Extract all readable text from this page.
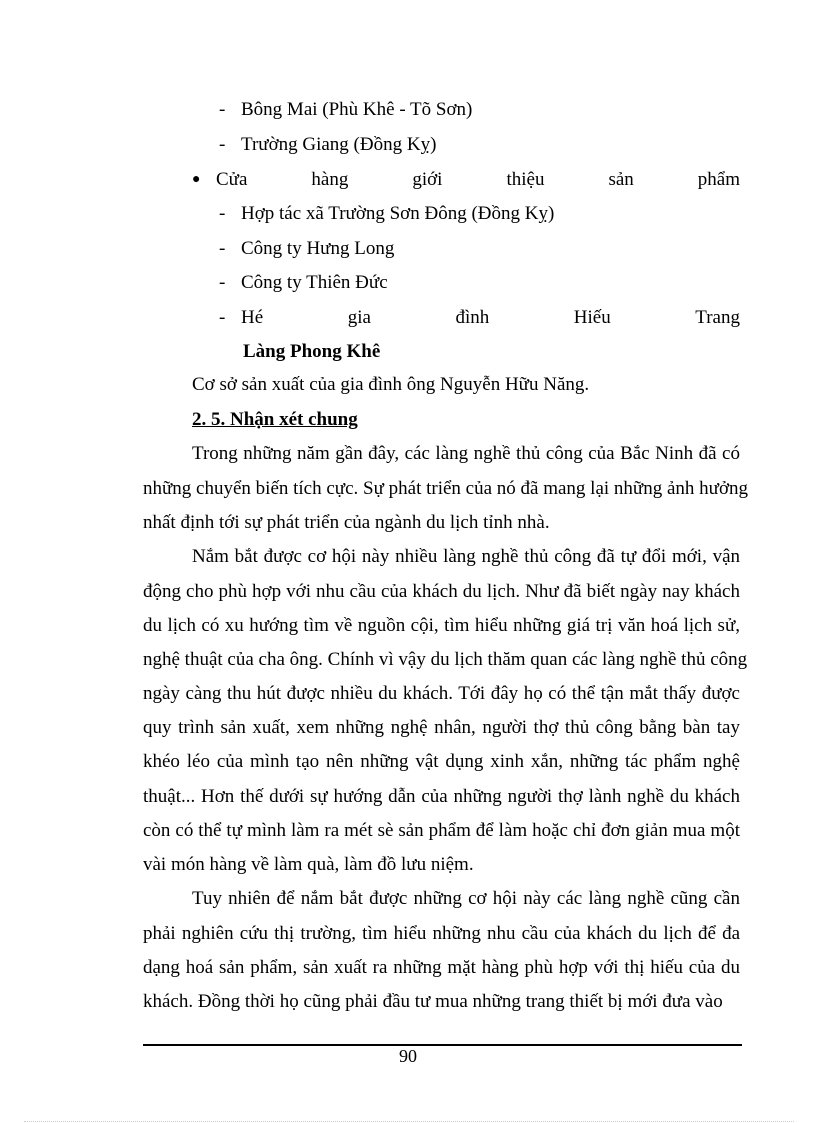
- Bông Mai (Phù Khê - Tõ Sơn)
- Trường Giang (Đồng Kỵ)
● Cửa	hàng	giới	thiệu	sản	phẩm
- Hợp tác xã Trường Sơn Đông (Đồng Kỵ)
- Công ty Hưng Long
- Công ty Thiên Đức
- Hé	gia	đình	Hiếu	Trang
Làng Phong Khê
Cơ sở sản xuất của gia đình ông Nguyễn Hữu Năng.
2. 5. Nhận xét chung
Trong những năm gần đây, các làng nghề thủ công của Bắc Ninh đã có
những chuyển biến tích cực. Sự phát triển của nó đã mang lại những ảnh hưởng
nhất định tới sự phát triển của ngành du lịch tỉnh nhà.
Nắm bắt được cơ hội này nhiều làng nghề thủ công đã tự đổi mới, vận
động cho phù hợp với nhu cầu của khách du lịch. Như đã biết ngày nay khách
du lịch có xu hướng tìm về nguồn cội, tìm hiểu những giá trị văn hoá lịch sử,
nghệ thuật của cha ông. Chính vì vậy du lịch thăm quan các làng nghề thủ công
ngày càng thu hút được nhiều du khách. Tới đây họ có thể tận mắt thấy được
quy trình sản xuất, xem những nghệ nhân, người thợ thủ công bằng bàn tay
khéo léo của mình tạo nên những vật dụng xinh xắn, những tác phẩm nghệ
thuật... Hơn thế dưới sự hướng dẫn của những người thợ lành nghề du khách
còn có thể tự mình làm ra mét sè sản phẩm để làm hoặc chỉ đơn giản mua một
vài món hàng về làm quà, làm đồ lưu niệm.
Tuy nhiên để nắm bắt được những cơ hội này các làng nghề cũng cần
phải nghiên cứu thị trường, tìm hiểu những nhu cầu của khách du lịch để đa
dạng hoá sản phẩm, sản xuất ra những mặt hàng phù hợp với thị hiếu của du
khách. Đồng thời họ cũng phải đầu tư mua những trang thiết bị mới đưa vào
90
